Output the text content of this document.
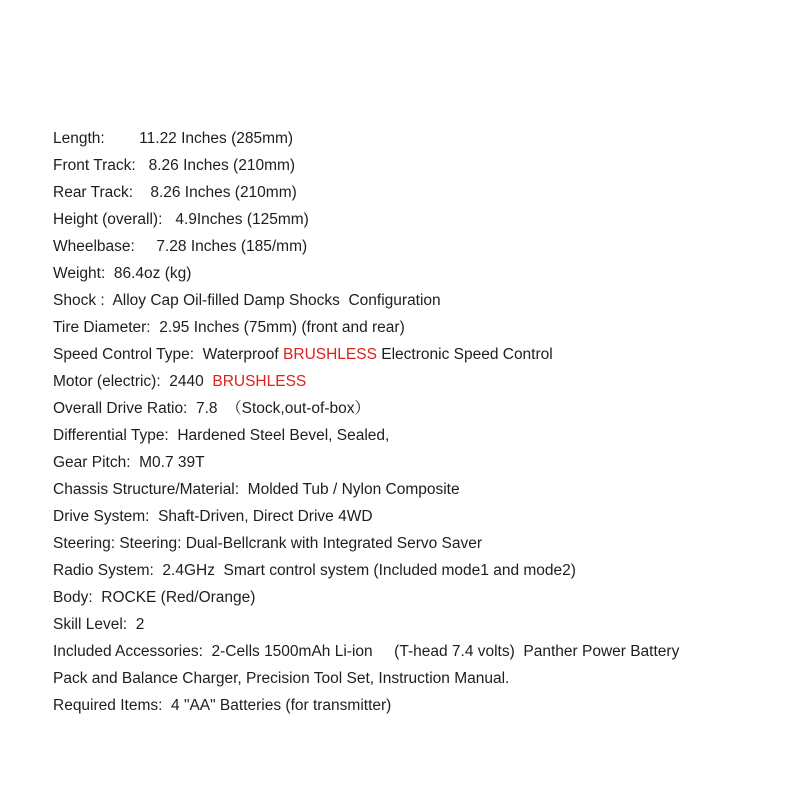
Length:        11.22 Inches (285mm)
Front Track:   8.26 Inches (210mm)
Rear Track:    8.26 Inches (210mm)
Height (overall):   4.9Inches (125mm)
Wheelbase:     7.28 Inches (185/mm)
Weight:  86.4oz (kg)
Shock :  Alloy Cap Oil-filled Damp Shocks  Configuration
Tire Diameter:  2.95 Inches (75mm) (front and rear)
Speed Control Type:  Waterproof BRUSHLESS Electronic Speed Control
Motor (electric):  2440  BRUSHLESS
Overall Drive Ratio:  7.8  （Stock,out-of-box）
Differential Type:  Hardened Steel Bevel, Sealed,
Gear Pitch:  M0.7 39T
Chassis Structure/Material:  Molded Tub / Nylon Composite
Drive System:  Shaft-Driven, Direct Drive 4WD
Steering: Steering: Dual-Bellcrank with Integrated Servo Saver
Radio System:  2.4GHz  Smart control system (Included mode1 and mode2)
Body:  ROCKE (Red/Orange)
Skill Level:  2
Included Accessories:  2-Cells 1500mAh Li-ion     (T-head 7.4 volts)  Panther Power Battery
Pack and Balance Charger, Precision Tool Set, Instruction Manual.
Required Items:  4 "AA" Batteries (for transmitter)
